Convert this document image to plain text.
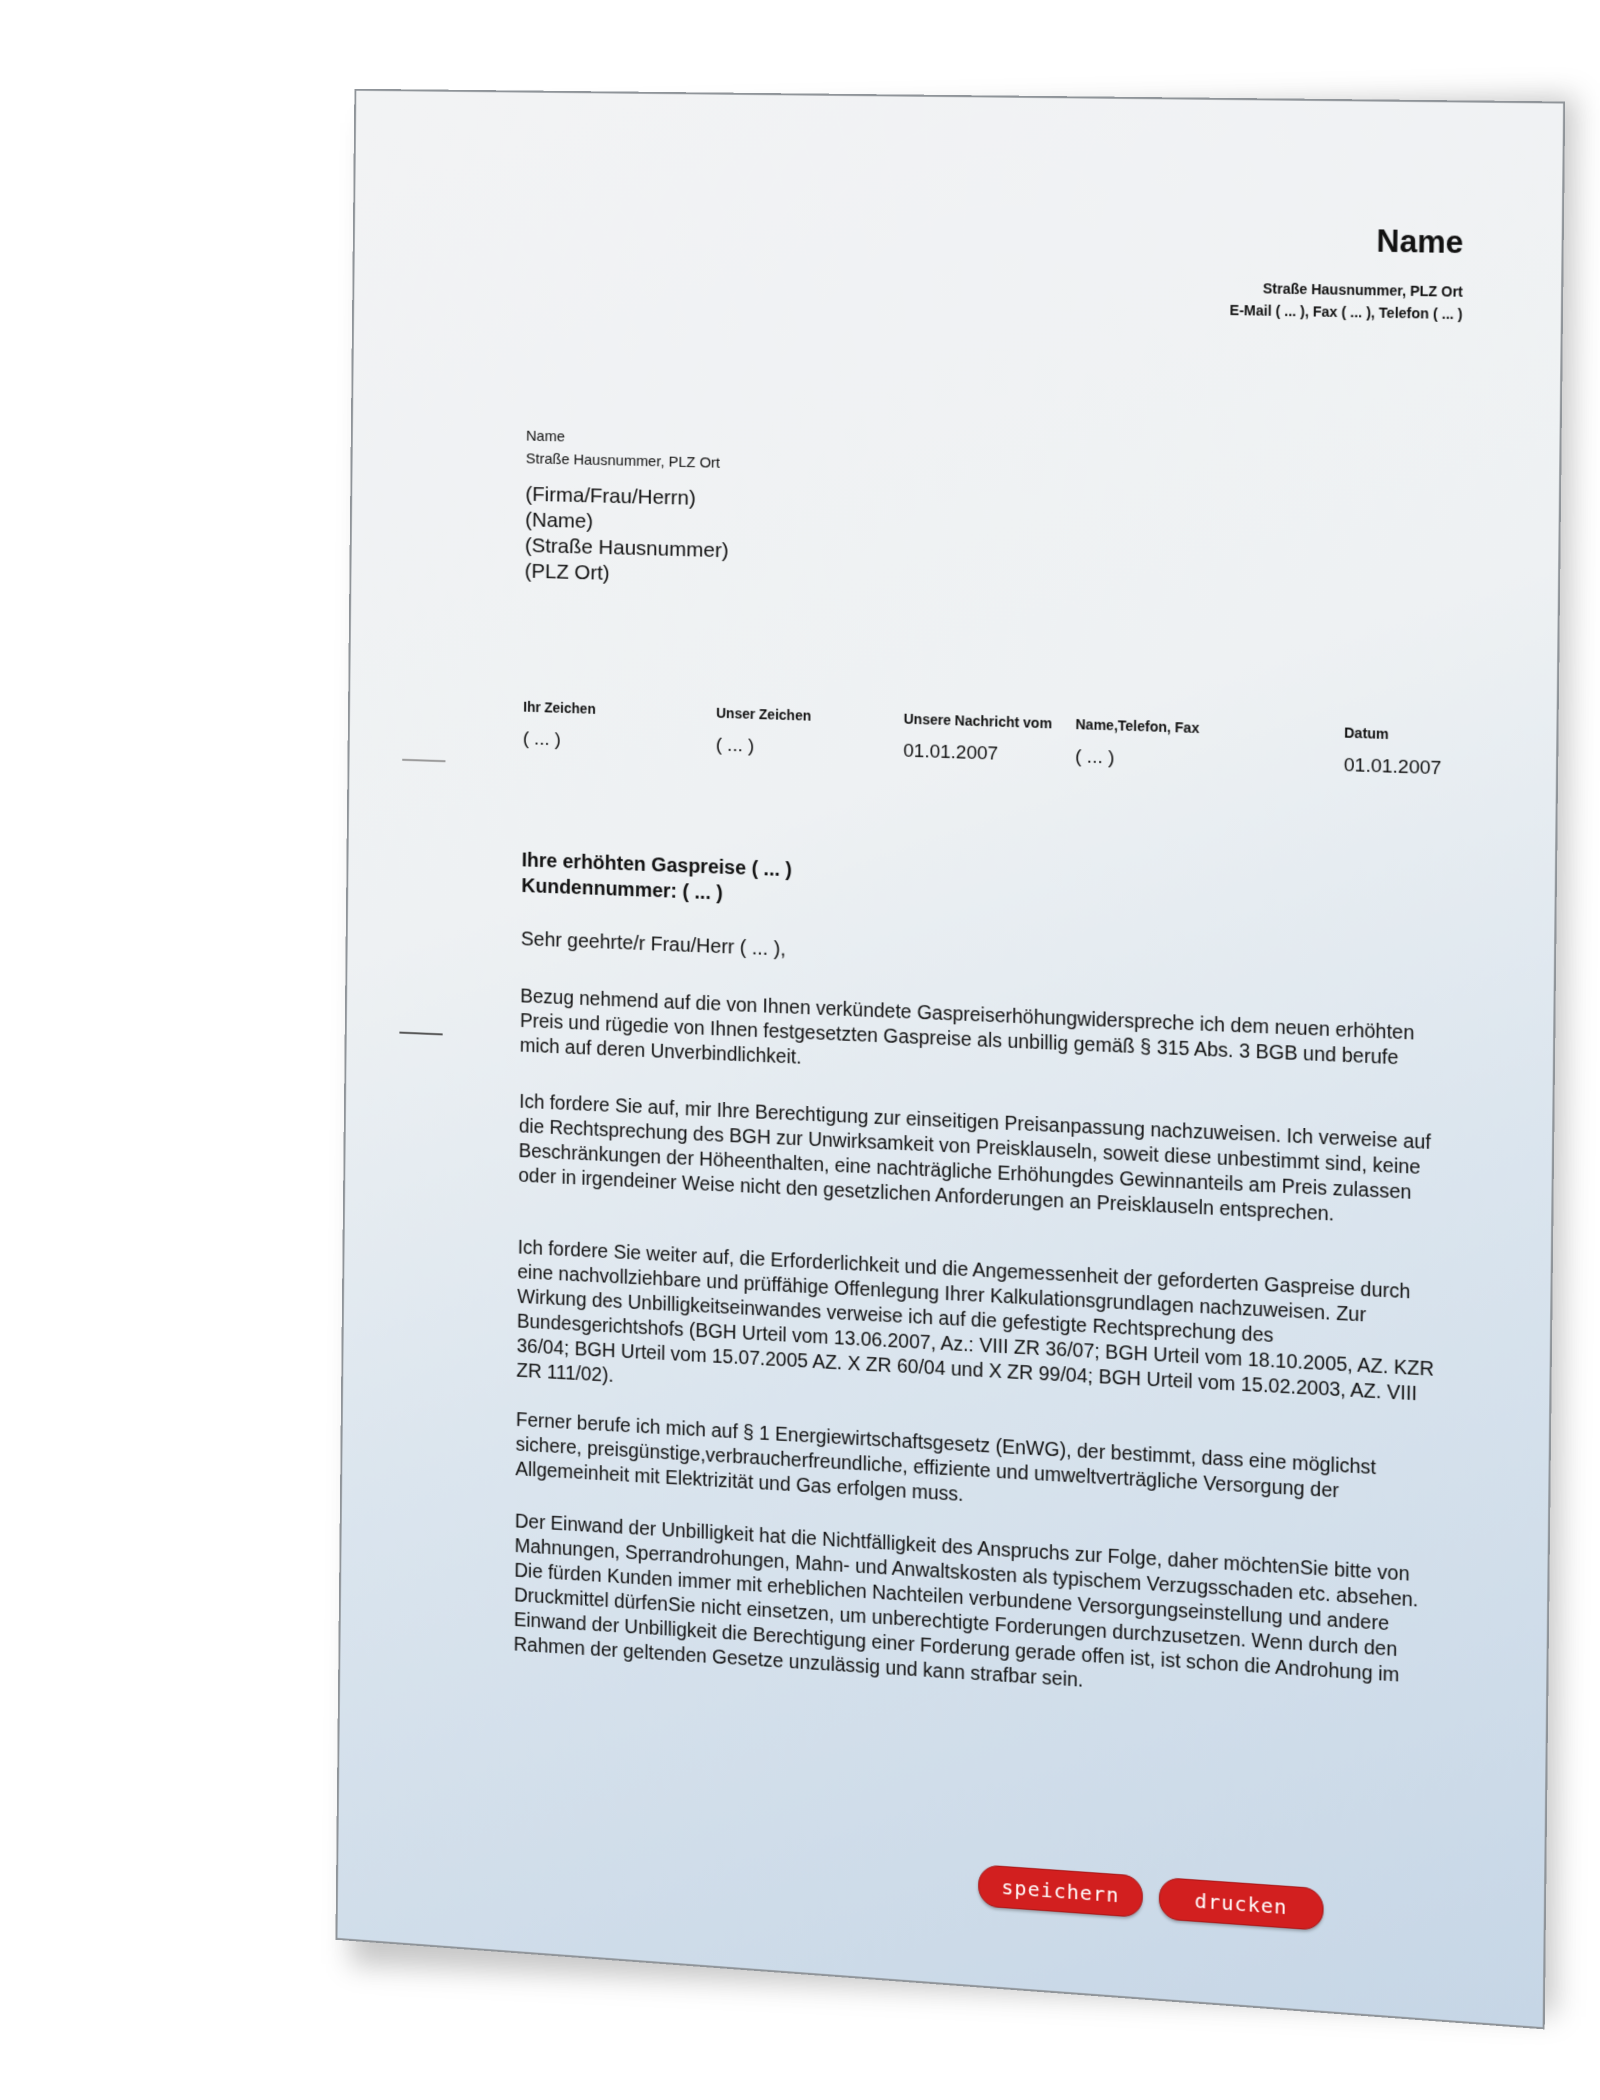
Name
Straße Hausnummer, PLZ Ort
E-Mail ( ... ), Fax ( ... ), Telefon ( ... )
Name
Straße Hausnummer, PLZ Ort
(Firma/Frau/Herrn)
(Name)
(Straße Hausnummer)
(PLZ Ort)
Ihr Zeichen
( ... )
Unser Zeichen
( ... )
Unsere Nachricht vom
01.01.2007
Name,Telefon, Fax
( ... )
Datum
01.01.2007
Ihre erhöhten Gaspreise ( ... )
Kundennummer: ( ... )
Sehr geehrte/r Frau/Herr ( ... ),
Bezug nehmend auf die von Ihnen verkündete Gaspreiserhöhungwiderspreche ich dem neuen erhöhten Preis und rügedie von Ihnen festgesetzten Gaspreise als unbillig gemäß § 315 Abs. 3 BGB und berufe mich auf deren Unverbindlichkeit.
Ich fordere Sie auf, mir Ihre Berechtigung zur einseitigen Preisanpassung nachzuweisen. Ich verweise auf die Rechtsprechung des BGH zur Unwirksamkeit von Preisklauseln, soweit diese unbestimmt sind, keine Beschränkungen der Höheenthalten, eine nachträgliche Erhöhungdes Gewinnanteils am Preis zulassen oder in irgendeiner Weise nicht den gesetzlichen Anforderungen an Preisklauseln entsprechen.
Ich fordere Sie weiter auf, die Erforderlichkeit und die Angemessenheit der geforderten Gaspreise durch eine nachvollziehbare und prüffähige Offenlegung Ihrer Kalkulationsgrundlagen nachzuweisen. Zur Wirkung des Unbilligkeitseinwandes verweise ich auf die gefestigte Rechtsprechung des Bundesgerichtshofs (BGH Urteil vom 13.06.2007, Az.: VIII ZR 36/07; BGH Urteil vom 18.10.2005, AZ. KZR 36/04; BGH Urteil vom 15.07.2005 AZ. X ZR 60/04 und X ZR 99/04; BGH Urteil vom 15.02.2003, AZ. VIII ZR 111/02).
Ferner berufe ich mich auf § 1 Energiewirtschaftsgesetz (EnWG), der bestimmt, dass eine möglichst sichere, preisgünstige,verbraucherfreundliche, effiziente und umweltverträgliche Versorgung der Allgemeinheit mit Elektrizität und Gas erfolgen muss.
Der Einwand der Unbilligkeit hat die Nichtfälligkeit des Anspruchs zur Folge, daher möchtenSie bitte von Mahnungen, Sperrandrohungen, Mahn- und Anwaltskosten als typischem Verzugsschaden etc. absehen. Die fürden Kunden immer mit erheblichen Nachteilen verbundene Versorgungseinstellung und andere Druckmittel dürfenSie nicht einsetzen, um unberechtigte Forderungen durchzusetzen. Wenn durch den Einwand der Unbilligkeit die Berechtigung einer Forderung gerade offen ist, ist schon die Androhung im Rahmen der geltenden Gesetze unzulässig und kann strafbar sein.
speichern	drucken
